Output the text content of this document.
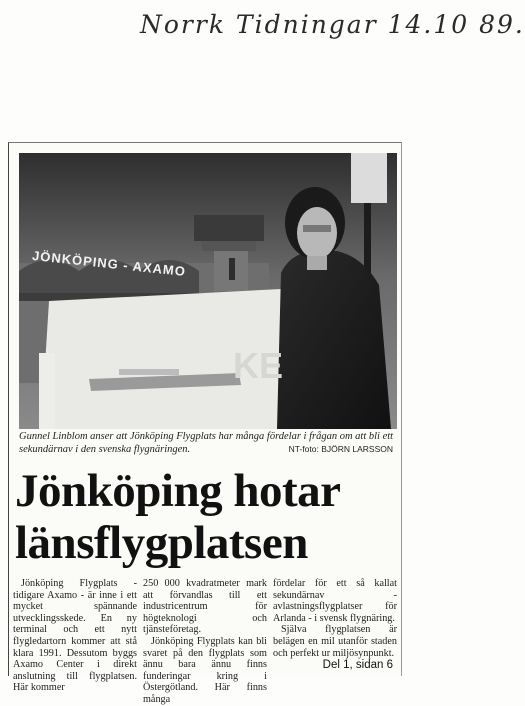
Norrk Tidningar 14.10 89.
JÖNKÖPING - AXAMO
KE
Gunnel Linblom anser att Jönköping Flygplats har många fördelar i frågan om att bli ett sekundärnav i den svenska flygnäringen.	NT-foto: BJÖRN LARSSON
Jönköping hotar
länsflygplatsen

Jönköping Flygplats - tidigare Axamo - är inne i ett mycket spännande utvecklingsskede. En ny terminal och ett nytt flygledartorn kommer att stå klara 1991. Dessutom byggs Axamo Center i direkt anslutning till flygplatsen. Här kommer

250 000 kvadratmeter mark att förvandlas till ett industricentrum för högteknologi och tjänsteföretag.

Jönköping Flygplats kan bli svaret på den flygplats som ännu bara ännu finns funderingar kring i Östergötland. Här finns många

fördelar för ett så kallat sekundärnav - avlastningsflygplatser för Arlanda - i svensk flygnäring.

Själva flygplatsen är belägen en mil utanför staden och perfekt ur miljösynpunkt.

Del 1, sidan 6
